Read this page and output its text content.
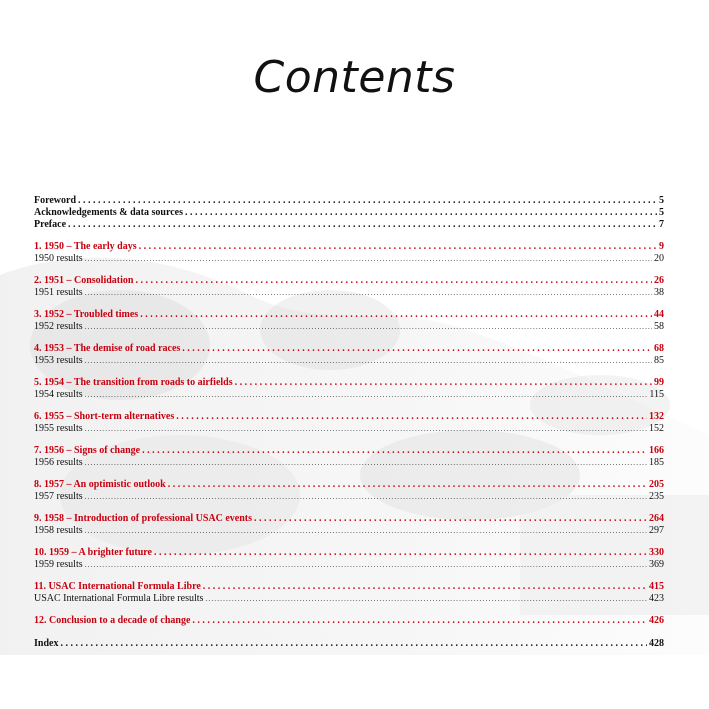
Contents
Foreword . . .	5
Acknowledgements & data sources . . .	5
Preface . . .	7
1. 1950 – The early days . . .	9
1950 results .....	20
2. 1951 – Consolidation . . .	26
1951 results .....	38
3. 1952 – Troubled times . . .	44
1952 results .....	58
4. 1953 – The demise of road races . . .	68
1953 results .....	85
5. 1954 – The transition from roads to airfields . . .	99
1954 results .....	115
6. 1955 – Short-term alternatives . . .	132
1955 results .....	152
7. 1956 – Signs of change . . .	166
1956 results .....	185
8. 1957 – An optimistic outlook . . .	205
1957 results .....	235
9. 1958 – Introduction of professional USAC events . . .	264
1958 results .....	297
10. 1959 – A brighter future . . .	330
1959 results .....	369
11. USAC International Formula Libre . . .	415
USAC International Formula Libre results .....	423
12. Conclusion to a decade of change . . .	426
Index . . .	428
